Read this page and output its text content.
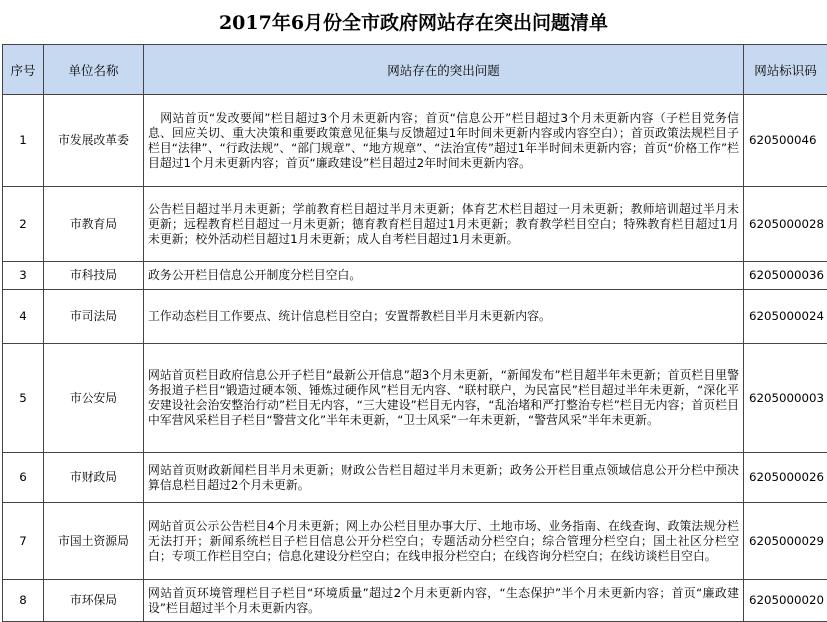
2017年6月份全市政府网站存在突出问题清单
序号	单位名称	网站存在的突出问题	网站标识码
1	市发展改革委	　网站首页“发改要闻”栏目超过3个月未更新内容；首页“信息公开”栏目超过3个月未更新内容（子栏目党务信息、回应关切、重大决策和重要政策意见征集与反馈超过1年时间未更新内容或内容空白）；首页政策法规栏目子栏目“法律”、“行政法规”、“部门规章”、“地方规章”、“法治宣传”超过1年半时间未更新内容；首页“价格工作”栏目超过1个月未更新内容；首页“廉政建设”栏目超过2年时间未更新内容。	620500046
2	市教育局	公告栏目超过半月未更新；学前教育栏目超过半月未更新；体育艺术栏目超过一月未更新；教师培训超过半月未更新；远程教育栏目超过一月未更新；德育教育栏目超过1月未更新；教育教学栏目空白；特殊教育栏目超过1月未更新；校外活动栏目超过1月未更新；成人自考栏目超过1月未更新。	6205000028
3	市科技局	政务公开栏目信息公开制度分栏目空白。	6205000036
4	市司法局	工作动态栏目工作要点、统计信息栏目空白；安置帮教栏目半月未更新内容。	6205000024
5	市公安局	网站首页栏目政府信息公开子栏目“最新公开信息”超3个月未更新，“新闻发布”栏目超半年未更新；首页栏目里警务报道子栏目“锻造过硬本领、锤炼过硬作风”栏目无内容、“联村联户，为民富民”栏目超过半年未更新，“深化平安建设社会治安整治行动”栏目无内容，“三大建设”栏目无内容，“乱治堵和严打整治专栏”栏目无内容；首页栏目中军营风采栏目子栏目“警营文化”半年未更新，“卫士风采”一年未更新，“警营风采”半年未更新。	6205000003
6	市财政局	网站首页财政新闻栏目半月未更新；财政公告栏目超过半月未更新；政务公开栏目重点领域信息公开分栏中预决算信息栏目超过2个月未更新。	6205000026
7	市国土资源局	网站首页公示公告栏目4个月未更新；网上办公栏目里办事大厅、土地市场、业务指南、在线查询、政策法规分栏无法打开；新闻系统栏目子栏目信息公开分栏空白；专题活动分栏空白；综合管理分栏空白；国土社区分栏空白；专项工作栏目空白；信息化建设分栏空白；在线申报分栏空白；在线咨询分栏空白；在线访谈栏目空白。	6205000029
8	市环保局	网站首页环境管理栏目子栏目“环境质量”超过2个月未更新内容，“生态保护”半个月未更新内容；首页“廉政建设”栏目超过半个月未更新内容。	6205000020
